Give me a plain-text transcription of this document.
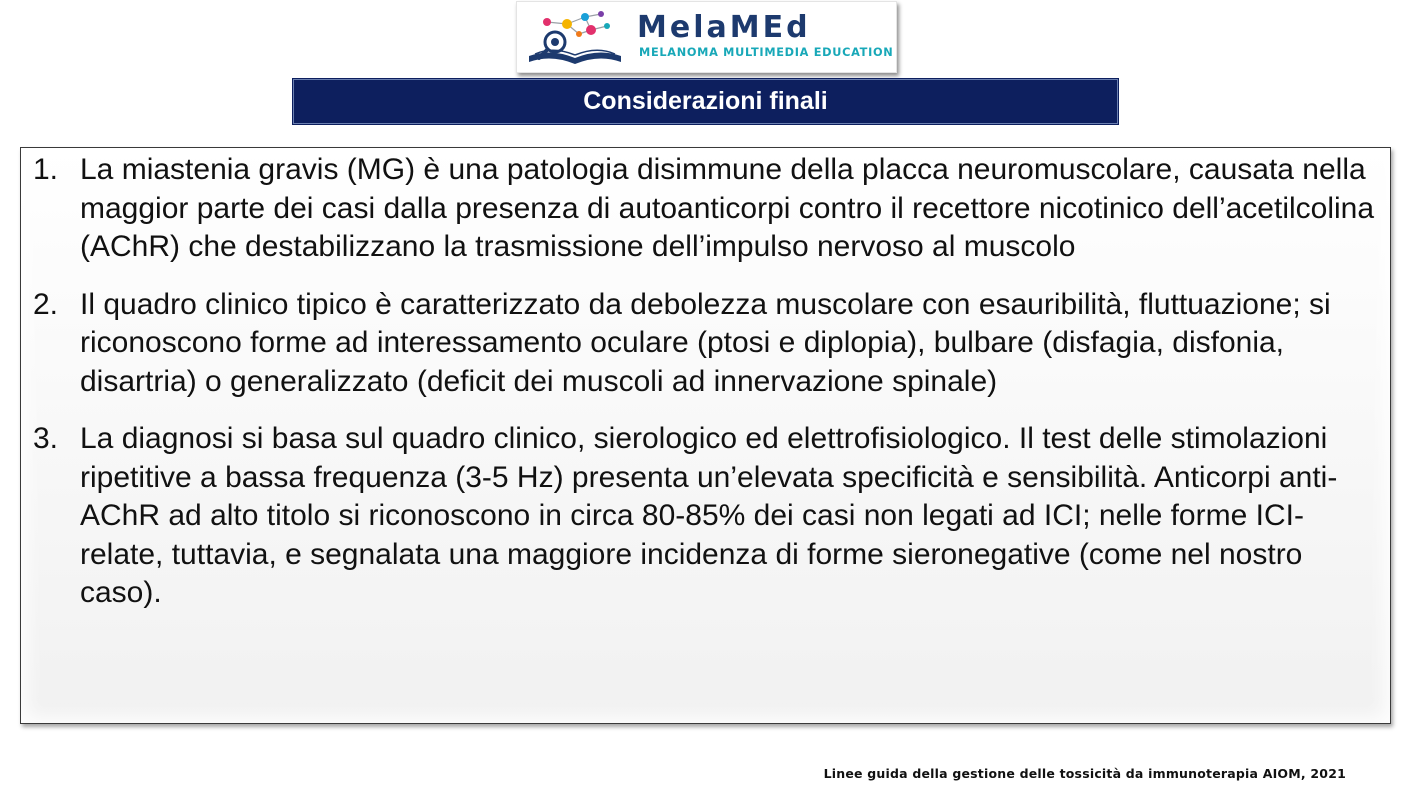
MelaMEd
MELANOMA MULTIMEDIA EDUCATION
Considerazioni finali
1. La miastenia gravis (MG) è una patologia disimmune della placca neuromuscolare, causata nella maggior parte dei casi dalla presenza di autoanticorpi contro il recettore nicotinico dell’acetilcolina (AChR) che destabilizzano la trasmissione dell’impulso nervoso al muscolo
2. Il quadro clinico tipico è caratterizzato da debolezza muscolare con esauribilità, fluttuazione; si riconoscono forme ad interessamento oculare (ptosi e diplopia), bulbare (disfagia, disfonia, disartria) o generalizzato (deficit dei muscoli ad innervazione spinale)
3. La diagnosi si basa sul quadro clinico, sierologico ed elettrofisiologico. Il test delle stimolazioni ripetitive a bassa frequenza (3-5 Hz) presenta un’elevata specificità e sensibilità. Anticorpi anti-AChR ad alto titolo si riconoscono in circa 80-85% dei casi non legati ad ICI; nelle forme ICI-relate, tuttavia, e segnalata una maggiore incidenza di forme sieronegative (come nel nostro caso).
Linee guida della gestione delle tossicità da immunoterapia AIOM, 2021
